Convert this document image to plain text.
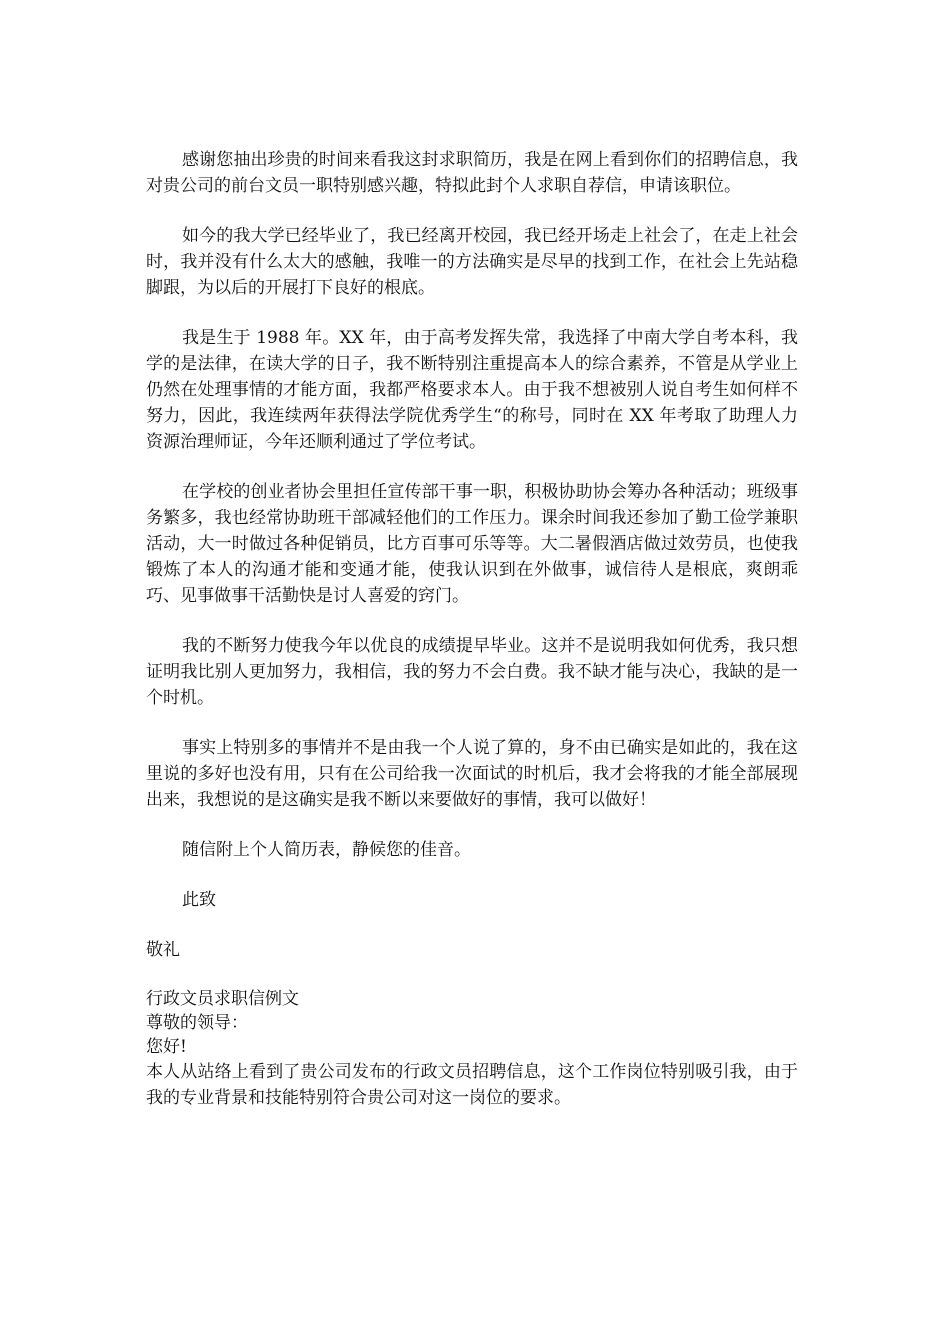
感谢您抽出珍贵的时间来看我这封求职简历，我是在网上看到你们的招聘信息，我对贵公司的前台文员一职特别感兴趣，特拟此封个人求职自荐信，申请该职位。

如今的我大学已经毕业了，我已经离开校园，我已经开场走上社会了，在走上社会时，我并没有什么太大的感触，我唯一的方法确实是尽早的找到工作，在社会上先站稳脚跟，为以后的开展打下良好的根底。

我是生于 1988 年。XX 年，由于高考发挥失常，我选择了中南大学自考本科，我学的是法律，在读大学的日子，我不断特别注重提高本人的综合素养，不管是从学业上仍然在处理事情的才能方面，我都严格要求本人。由于我不想被别人说自考生如何样不努力，因此，我连续两年获得法学院优秀学生“的称号，同时在 XX 年考取了助理人力资源治理师证，今年还顺利通过了学位考试。

在学校的创业者协会里担任宣传部干事一职，积极协助协会筹办各种活动；班级事务繁多，我也经常协助班干部减轻他们的工作压力。课余时间我还参加了勤工俭学兼职活动，大一时做过各种促销员，比方百事可乐等等。大二暑假酒店做过效劳员，也使我锻炼了本人的沟通才能和变通才能，使我认识到在外做事，诚信待人是根底，爽朗乖巧、见事做事干活勤快是讨人喜爱的窍门。

我的不断努力使我今年以优良的成绩提早毕业。这并不是说明我如何优秀，我只想证明我比别人更加努力，我相信，我的努力不会白费。我不缺才能与决心，我缺的是一个时机。

事实上特别多的事情并不是由我一个人说了算的，身不由已确实是如此的，我在这里说的多好也没有用，只有在公司给我一次面试的时机后，我才会将我的才能全部展现出来，我想说的是这确实是我不断以来要做好的事情，我可以做好！

随信附上个人简历表，静候您的佳音。

此致

敬礼

行政文员求职信例文

尊敬的领导：

您好!

本人从站络上看到了贵公司发布的行政文员招聘信息，这个工作岗位特别吸引我，由于我的专业背景和技能特别符合贵公司对这一岗位的要求。
